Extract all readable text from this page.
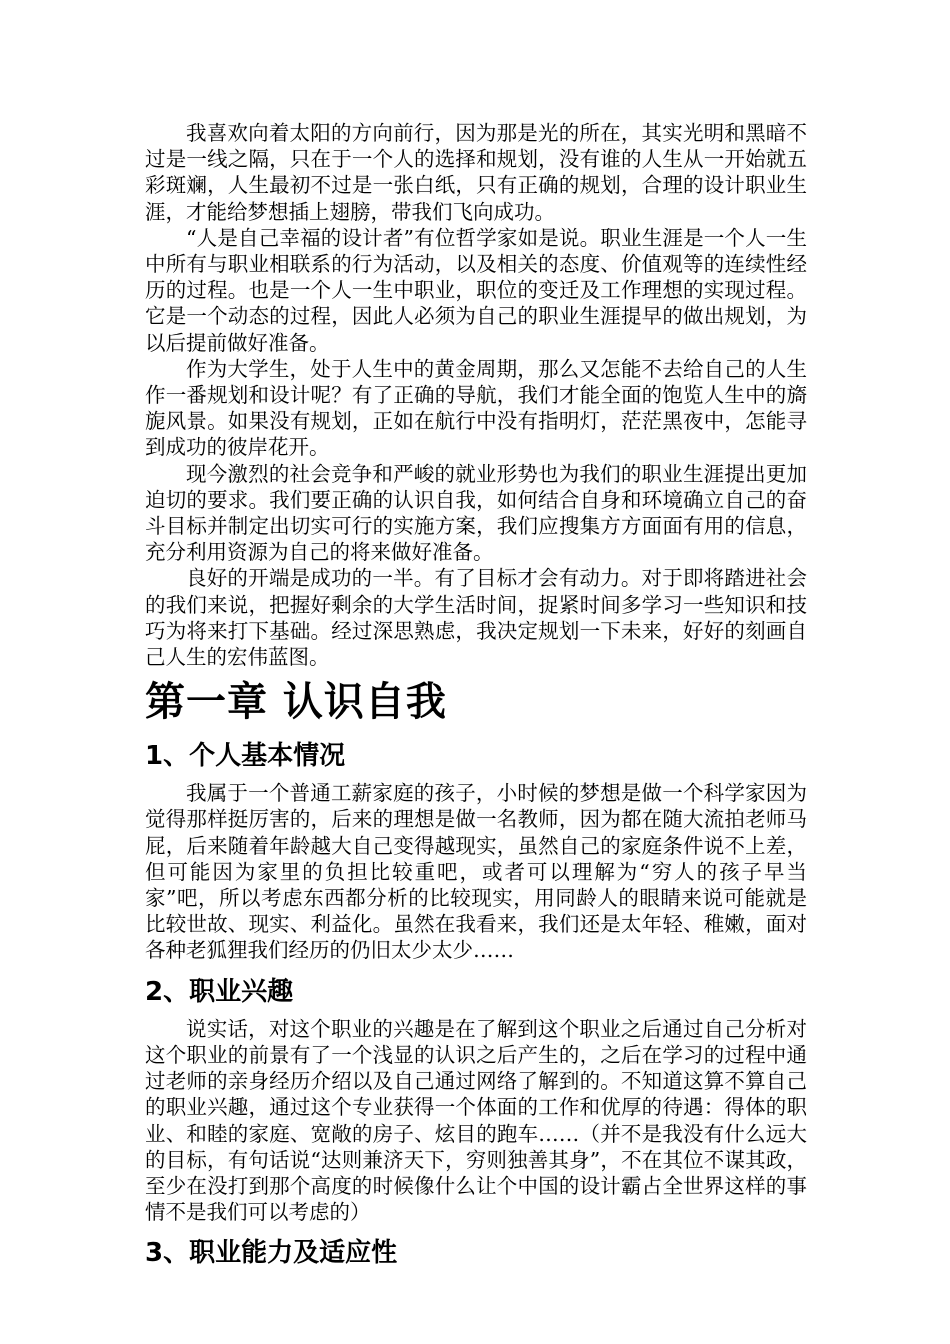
我喜欢向着太阳的方向前行，因为那是光的所在，其实光明和黑暗不过是一线之隔，只在于一个人的选择和规划，没有谁的人生从一开始就五彩斑斓，人生最初不过是一张白纸，只有正确的规划，合理的设计职业生涯，才能给梦想插上翅膀，带我们飞向成功。

“人是自己幸福的设计者”有位哲学家如是说。职业生涯是一个人一生中所有与职业相联系的行为活动，以及相关的态度、价值观等的连续性经历的过程。也是一个人一生中职业，职位的变迁及工作理想的实现过程。它是一个动态的过程，因此人必须为自己的职业生涯提早的做出规划，为以后提前做好准备。

作为大学生，处于人生中的黄金周期，那么又怎能不去给自己的人生作一番规划和设计呢？有了正确的导航，我们才能全面的饱览人生中的旖旎风景。如果没有规划，正如在航行中没有指明灯，茫茫黑夜中，怎能寻到成功的彼岸花开。

现今激烈的社会竞争和严峻的就业形势也为我们的职业生涯提出更加迫切的要求。我们要正确的认识自我，如何结合自身和环境确立自己的奋斗目标并制定出切实可行的实施方案，我们应搜集方方面面有用的信息，充分利用资源为自己的将来做好准备。

良好的开端是成功的一半。有了目标才会有动力。对于即将踏进社会的我们来说，把握好剩余的大学生活时间，捉紧时间多学习一些知识和技巧为将来打下基础。经过深思熟虑，我决定规划一下未来，好好的刻画自己人生的宏伟蓝图。

第一章 认识自我
1、个人基本情况

我属于一个普通工薪家庭的孩子，小时候的梦想是做一个科学家因为觉得那样挺厉害的，后来的理想是做一名教师，因为都在随大流拍老师马屁，后来随着年龄越大自己变得越现实，虽然自己的家庭条件说不上差，但可能因为家里的负担比较重吧，或者可以理解为“穷人的孩子早当家”吧，所以考虑东西都分析的比较现实，用同龄人的眼睛来说可能就是比较世故、现实、利益化。虽然在我看来，我们还是太年轻、稚嫩，面对各种老狐狸我们经历的仍旧太少太少……

2、职业兴趣

说实话，对这个职业的兴趣是在了解到这个职业之后通过自己分析对这个职业的前景有了一个浅显的认识之后产生的，之后在学习的过程中通过老师的亲身经历介绍以及自己通过网络了解到的。不知道这算不算自己的职业兴趣，通过这个专业获得一个体面的工作和优厚的待遇：得体的职业、和睦的家庭、宽敞的房子、炫目的跑车……（并不是我没有什么远大的目标，有句话说“达则兼济天下，穷则独善其身”，不在其位不谋其政，至少在没打到那个高度的时候像什么让个中国的设计霸占全世界这样的事情不是我们可以考虑的）

3、职业能力及适应性
